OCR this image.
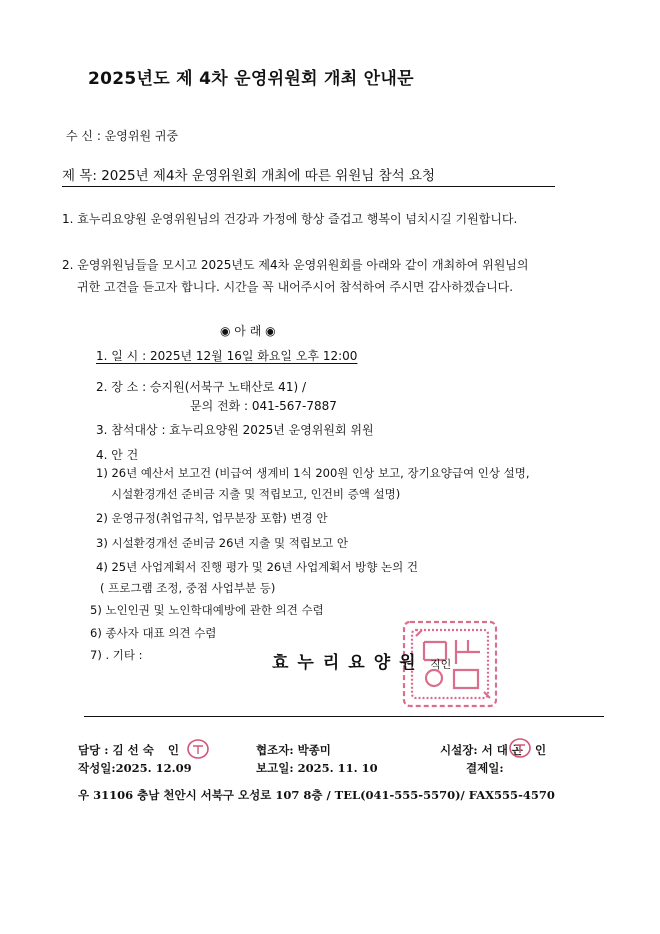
2025년도 제 4차 운영위원회 개최 안내문
수 신 : 운영위원 귀중
제 목: 2025년 제4차 운영위원회 개최에 따른 위원님 참석 요청
1. 효누리요양원 운영위원님의 건강과 가정에 항상 즐겁고 행복이 넘치시길 기원합니다.
2. 운영위원님들을 모시고 2025년도 제4차 운영위원회를 아래와 같이 개최하여 위원님의
귀한 고견을 듣고자 합니다. 시간을 꼭 내어주시어 참석하여 주시면 감사하겠습니다.
◉ 아 래 ◉
1. 일 시 : 2025년 12월 16일 화요일 오후 12:00
2. 장 소 : 승지원(서북구 노태산로 41) /
문의 전화 : 041-567-7887
3. 참석대상 : 효누리요양원 2025년 운영위원회 위원
4. 안 건
1) 26년 예산서 보고건 (비급여 생계비 1식 200원 인상 보고, 장기요양급여 인상 설명,
시설환경개선 준비금 지출 및 적립보고, 인건비 증액 설명)
2) 운영규정(취업규칙, 업무분장 포함) 변경 안
3) 시설환경개선 준비금 26년 지출 및 적립보고 안
4) 25년 사업계획서 진행 평가 및 26년 사업계획서 방향 논의 건
( 프로그램 조정, 중점 사업부분 등)
5) 노인인권 및 노인학대예방에 관한 의견 수렴
6) 종사자 대표 의견 수렴
7) . 기타 :	효누리요양원 직인
담당 : 김 선 숙 인	협조자: 박종미	시설장: 서 대 곤 인
작성일:2025. 12.09	보고일: 2025. 11. 10	결제일:
우 31106 충남 천안시 서북구 오성로 107 8층 / TEL(041-555-5570)/ FAX555-4570
